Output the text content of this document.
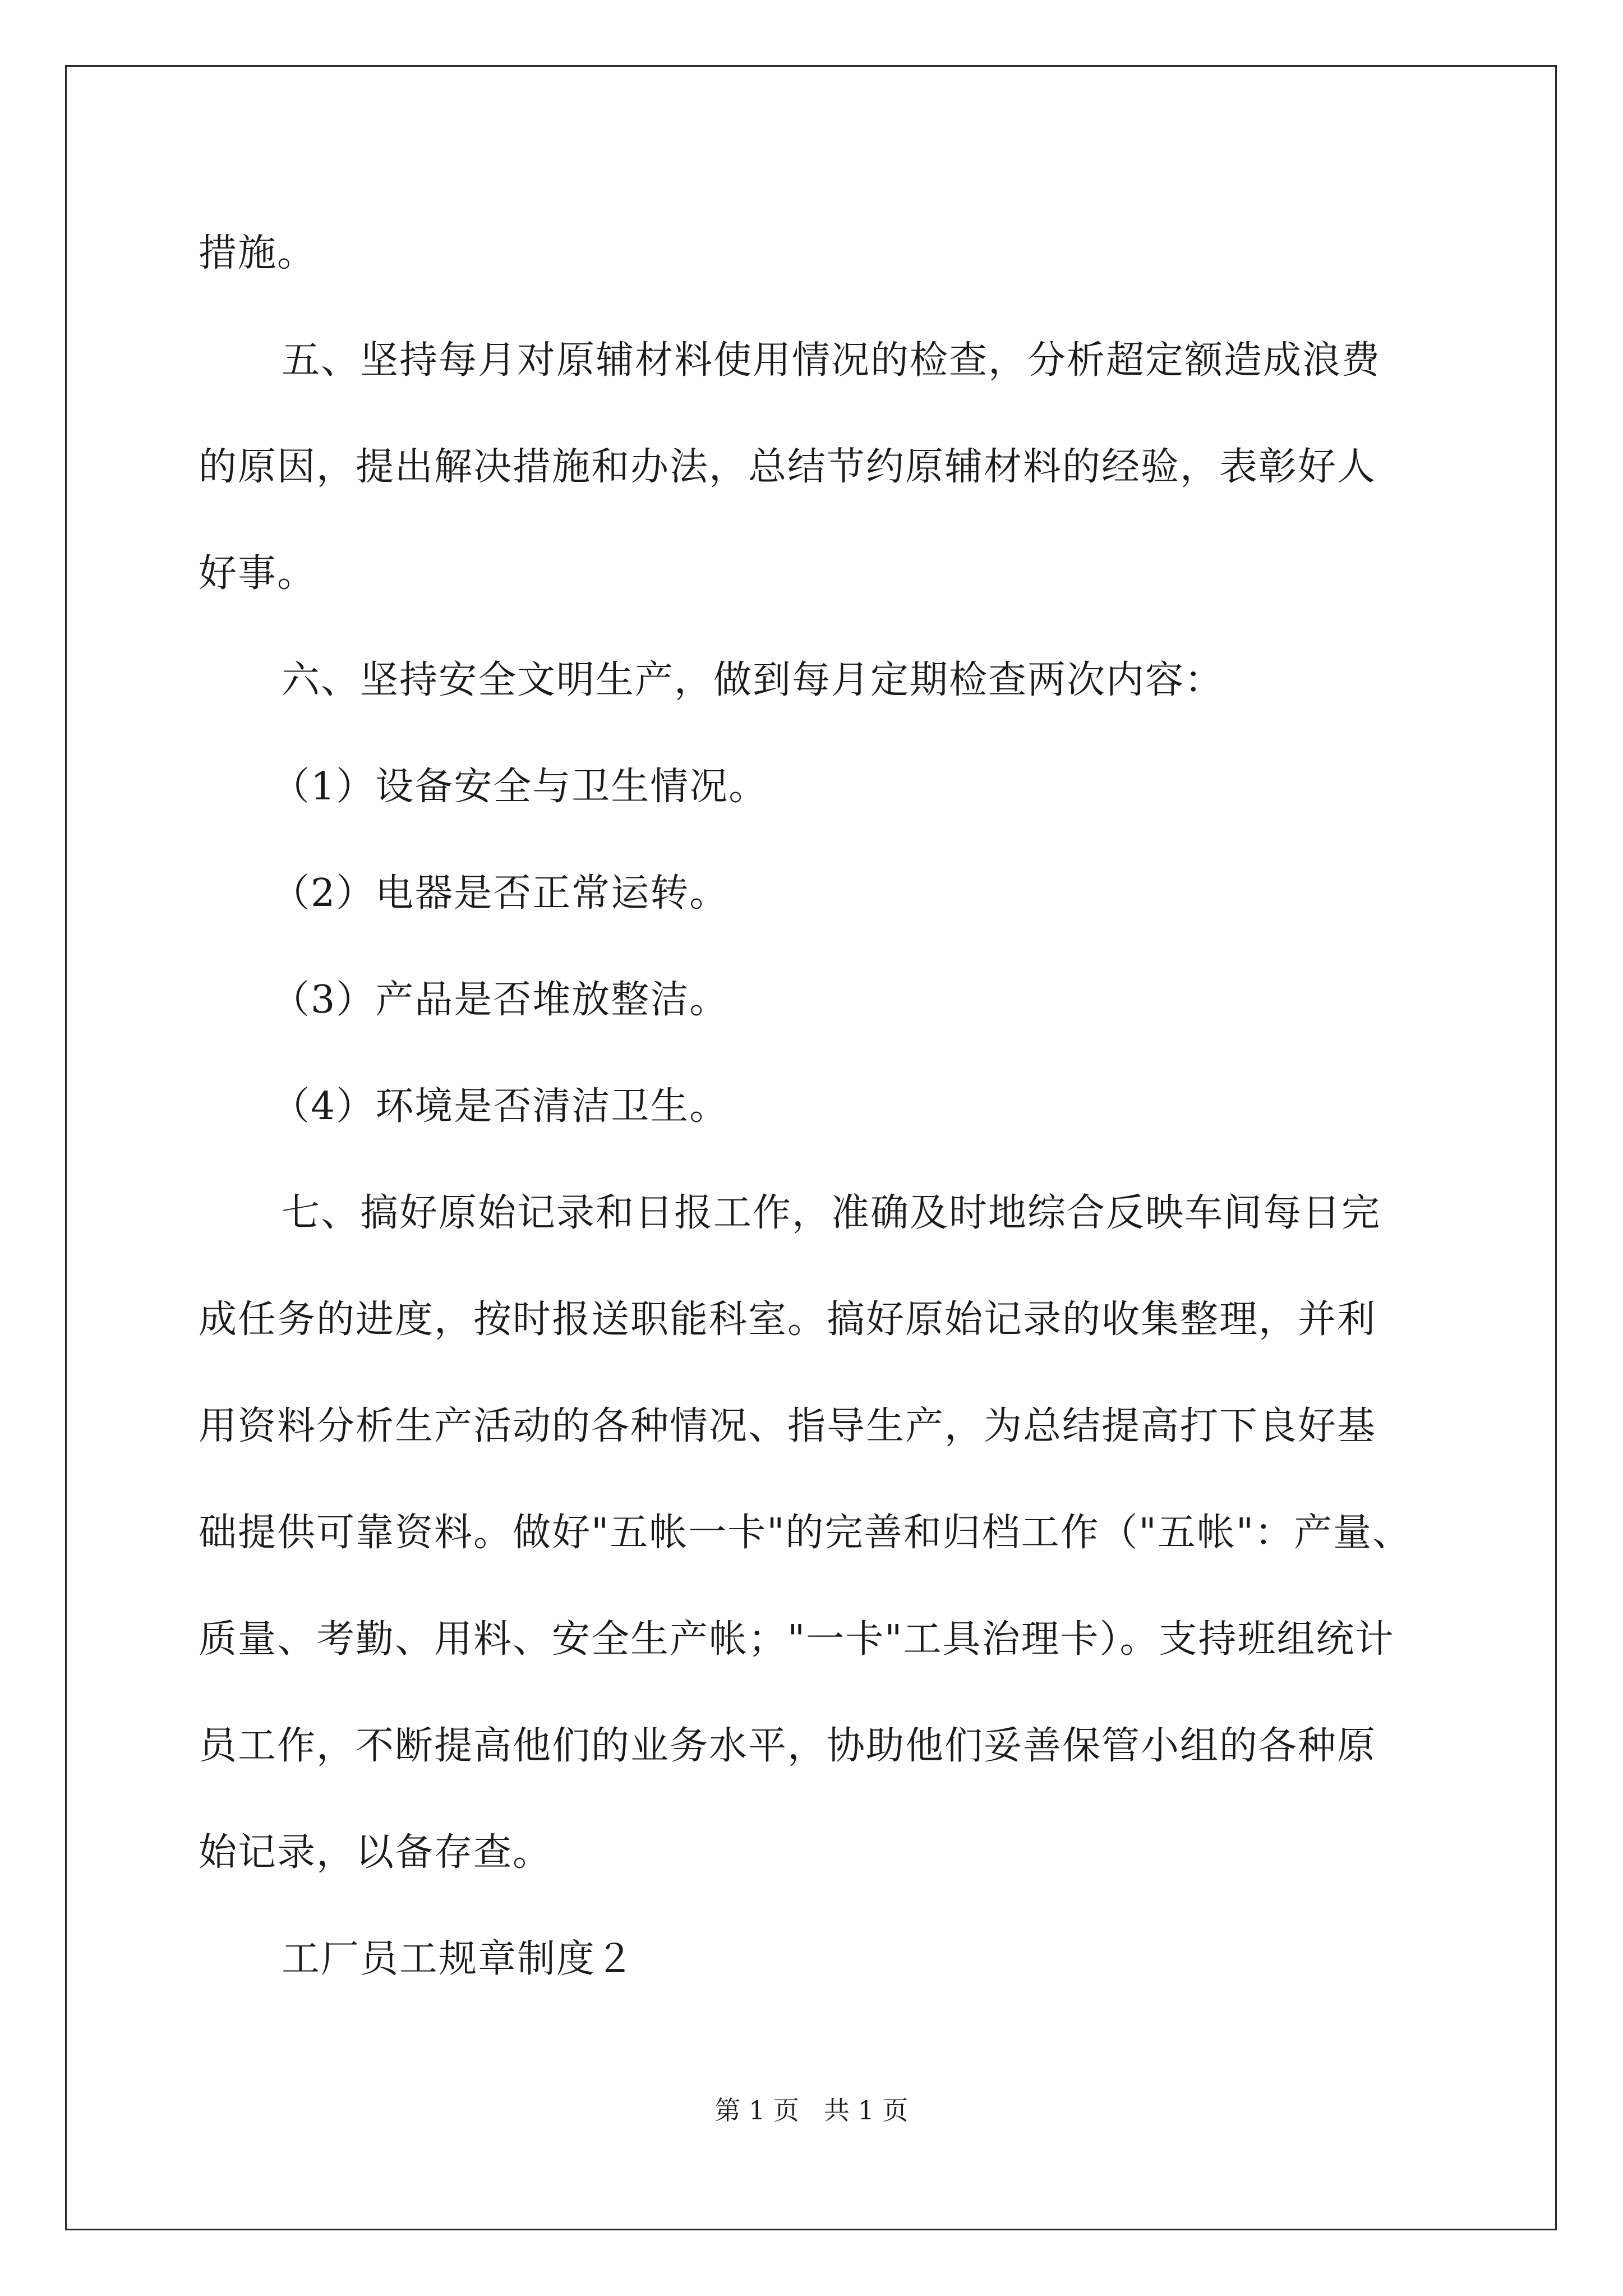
措施。
五、坚持每月对原辅材料使用情况的检查，分析超定额造成浪费
的原因，提出解决措施和办法，总结节约原辅材料的经验，表彰好人
好事。
六、坚持安全文明生产，做到每月定期检查两次内容：
（1）设备安全与卫生情况。
（2）电器是否正常运转。
（3）产品是否堆放整洁。
（4）环境是否清洁卫生。
七、搞好原始记录和日报工作，准确及时地综合反映车间每日完
成任务的进度，按时报送职能科室。搞好原始记录的收集整理，并利
用资料分析生产活动的各种情况、指导生产，为总结提高打下良好基
础提供可靠资料。做好"五帐一卡"的完善和归档工作（"五帐"：产量、
质量、考勤、用料、安全生产帐；"一卡"工具治理卡）。支持班组统计
员工作，不断提高他们的业务水平，协助他们妥善保管小组的各种原
始记录，以备存查。
工厂员工规章制度２
第 1 页   共 1 页
